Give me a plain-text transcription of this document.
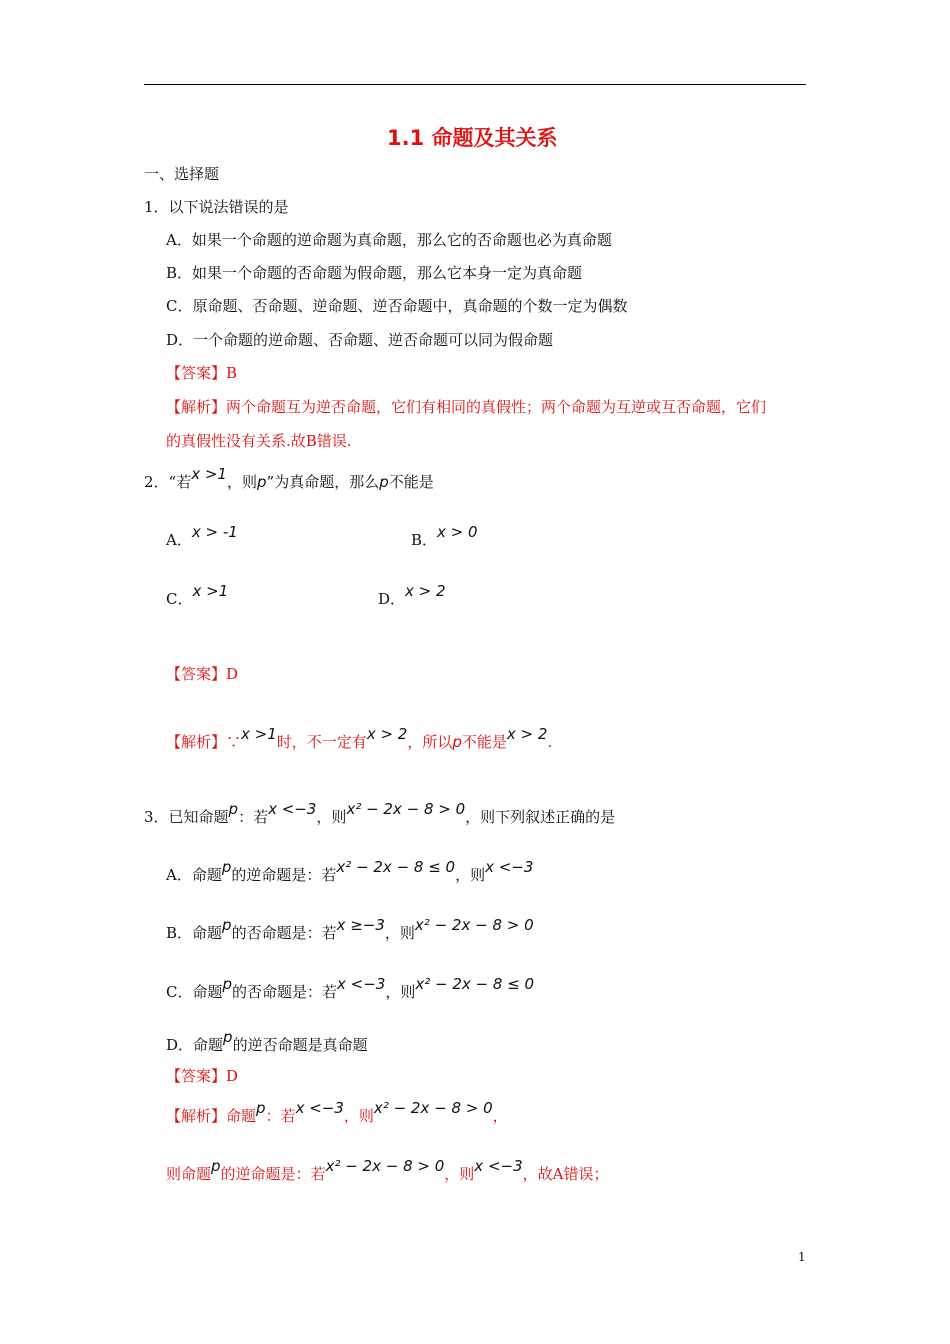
1.1 命题及其关系
一、选择题
1．以下说法错误的是
A．如果一个命题的逆命题为真命题，那么它的否命题也必为真命题
B．如果一个命题的否命题为假命题，那么它本身一定为真命题
C．原命题、否命题、逆命题、逆否命题中，真命题的个数一定为偶数
D．一个命题的逆命题、否命题、逆否命题可以同为假命题
【答案】B
【解析】两个命题互为逆否命题，它们有相同的真假性；两个命题为互逆或互否命题，它们
的真假性没有关系.故B错误.
2．“若x >1，则p”为真命题，那么p不能是
A．x > -1	B．x > 0
C．x >1	D．x > 2
【答案】D
【解析】∵x >1时，不一定有x > 2，所以p不能是x > 2.
3．已知命题p：若x <−3，则x² − 2x − 8 > 0，则下列叙述正确的是
A．命题p的逆命题是：若x² − 2x − 8 ≤ 0，则x <−3
B．命题p的否命题是：若x ≥−3，则x² − 2x − 8 > 0
C．命题p的否命题是：若x <−3，则x² − 2x − 8 ≤ 0
D．命题p的逆否命题是真命题
【答案】D
【解析】命题p：若x <−3，则x² − 2x − 8 > 0，
则命题p的逆命题是：若x² − 2x − 8 > 0，则x <−3，故A错误；
1
